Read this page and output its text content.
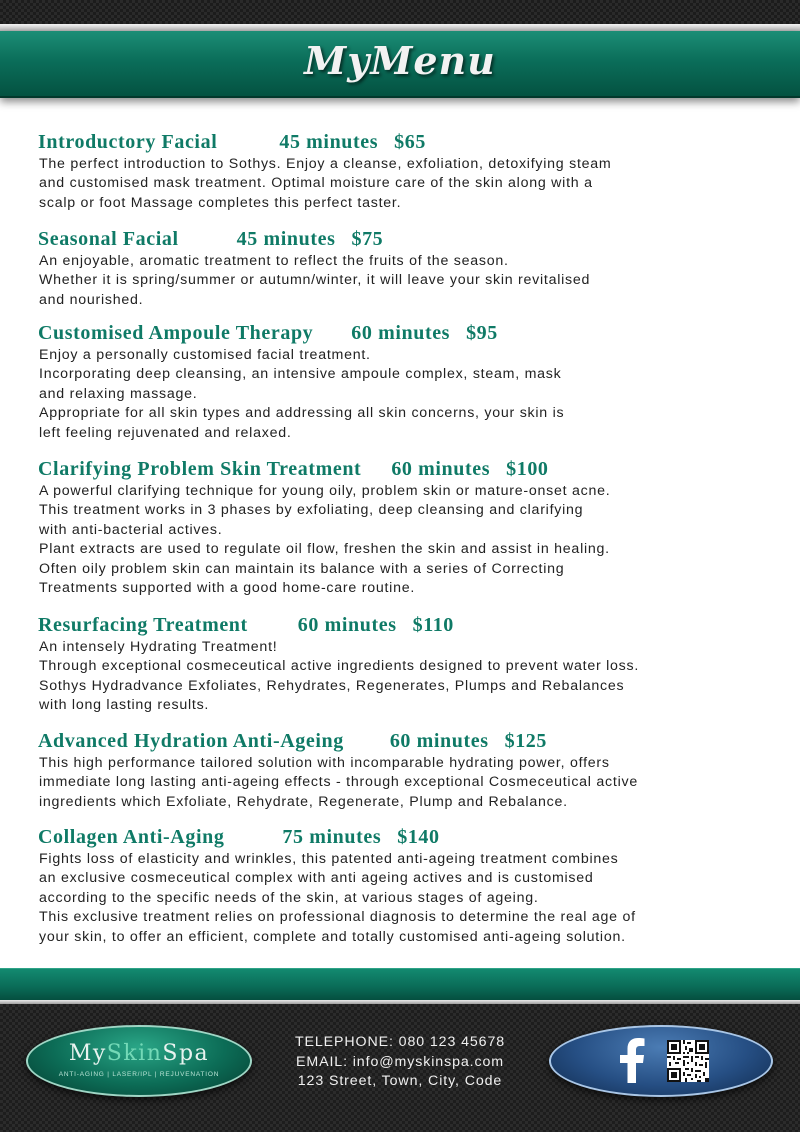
MyMenu
Introductory Facial	45 minutes $65
The perfect introduction to Sothys. Enjoy a cleanse, exfoliation, detoxifying steam
and customised mask treatment. Optimal moisture care of the skin along with a
scalp or foot Massage completes this perfect taster.
Seasonal Facial	45 minutes $75
An enjoyable, aromatic treatment to reflect the fruits of the season.
Whether it is spring/summer or autumn/winter, it will leave your skin revitalised
and nourished.
Customised Ampoule Therapy 60 minutes $95
Enjoy a personally customised facial treatment.
Incorporating deep cleansing, an intensive ampoule complex, steam, mask
and relaxing massage.
Appropriate for all skin types and addressing all skin concerns, your skin is
left feeling rejuvenated and relaxed.
Clarifying Problem Skin Treatment 60 minutes $100
A powerful clarifying technique for young oily, problem skin or mature-onset acne.
This treatment works in 3 phases by exfoliating, deep cleansing and clarifying
with anti-bacterial actives.
Plant extracts are used to regulate oil flow, freshen the skin and assist in healing.
Often oily problem skin can maintain its balance with a series of Correcting
Treatments supported with a good home-care routine.
Resurfacing Treatment	60 minutes $110
An intensely Hydrating Treatment!
Through exceptional cosmeceutical active ingredients designed to prevent water loss.
Sothys Hydradvance Exfoliates, Rehydrates, Regenerates, Plumps and Rebalances
with long lasting results.
Advanced Hydration Anti-Ageing 60 minutes $125
This high performance tailored solution with incomparable hydrating power, offers
immediate long lasting anti-ageing effects - through exceptional Cosmeceutical active
ingredients which Exfoliate, Rehydrate, Regenerate, Plump and Rebalance.
Collagen Anti-Aging	75 minutes $140
Fights loss of elasticity and wrinkles, this patented anti-ageing treatment combines
an exclusive cosmeceutical complex with anti ageing actives and is customised
according to the specific needs of the skin, at various stages of ageing.
This exclusive treatment relies on professional diagnosis to determine the real age of
your skin, to offer an efficient, complete and totally customised anti-ageing solution.
MySkinSpa
ANTI-AGING | LASER/IPL | REJUVENATION
TELEPHONE: 080 123 45678
EMAIL: info@myskinspa.com
123 Street, Town, City, Code
